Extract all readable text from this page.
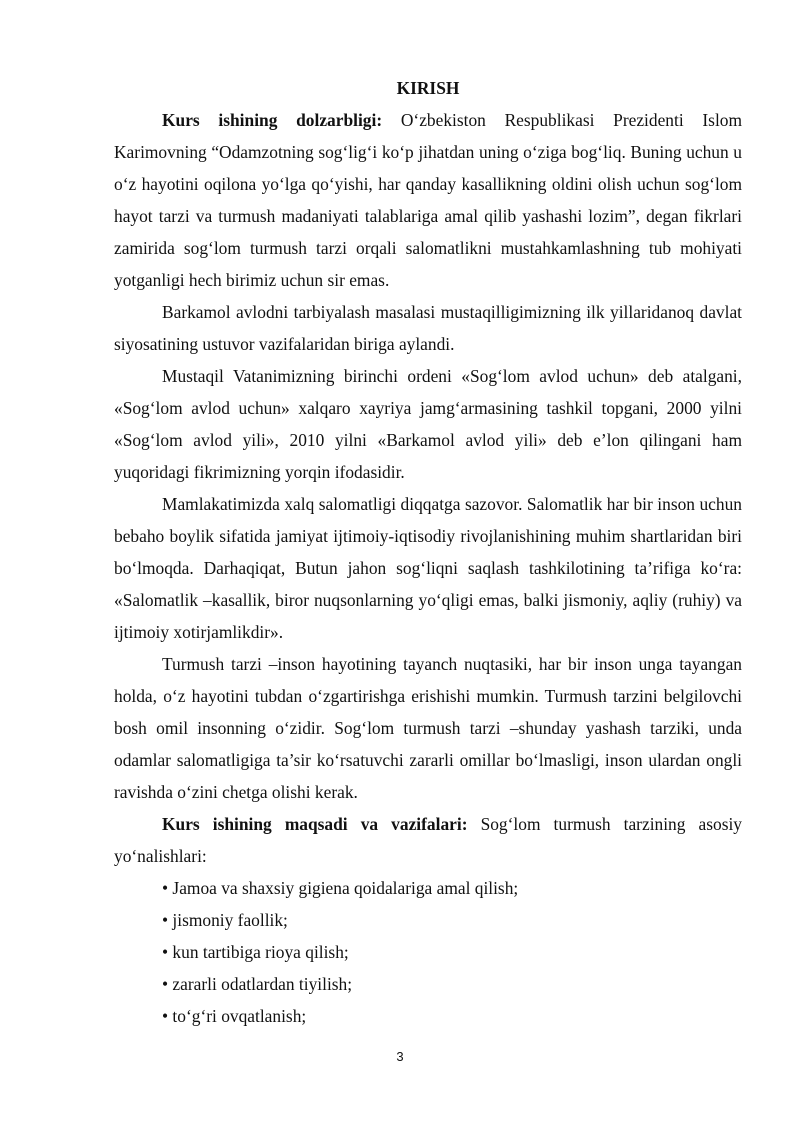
KIRISH

Kurs ishining dolzarbligi: O‘zbekiston Respublikasi Prezidenti Islom Karimovning “Odamzotning sog‘lig‘i ko‘p jihatdan uning o‘ziga bog‘liq. Buning uchun u o‘z hayotini oqilona yo‘lga qo‘yishi, har qanday kasallikning oldini olish uchun sog‘lom hayot tarzi va turmush madaniyati talablariga amal qilib yashashi lozim”, degan fikrlari zamirida sog‘lom turmush tarzi orqali salomatlikni mustahkamlashning tub mohiyati yotganligi hech birimiz uchun sir emas.

Barkamol avlodni tarbiyalash masalasi mustaqilligimizning ilk yillaridanoq davlat siyosatining ustuvor vazifalaridan biriga aylandi.

Mustaqil Vatanimizning birinchi ordeni «Sog‘lom avlod uchun» deb atalgani, «Sog‘lom avlod uchun» xalqaro xayriya jamg‘armasining tashkil topgani, 2000 yilni «Sog‘lom avlod yili», 2010 yilni «Barkamol avlod yili» deb e’lon qilingani ham yuqoridagi fikrimizning yorqin ifodasidir.

Mamlakatimizda xalq salomatligi diqqatga sazovor. Salomatlik har bir inson uchun bebaho boylik sifatida jamiyat ijtimoiy-iqtisodiy rivojlanishining muhim shartlaridan biri bo‘lmoqda. Darhaqiqat, Butun jahon sog‘liqni saqlash tashkilotining ta’rifiga ko‘ra: «Salomatlik –kasallik, biror nuqsonlarning yo‘qligi emas, balki jismoniy, aqliy (ruhiy) va ijtimoiy xotirjamlikdir».

Turmush tarzi –inson hayotining tayanch nuqtasiki, har bir inson unga tayangan holda, o‘z hayotini tubdan o‘zgartirishga erishishi mumkin. Turmush tarzini belgilovchi bosh omil insonning o‘zidir. Sog‘lom turmush tarzi –shunday yashash tarziki, unda odamlar salomatligiga ta’sir ko‘rsatuvchi zararli omillar bo‘lmasligi, inson ulardan ongli ravishda o‘zini chetga olishi kerak.

Kurs ishining maqsadi va vazifalari: Sog‘lom turmush tarzining asosiy yo‘nalishlari:

• Jamoa va shaxsiy gigiena qoidalariga amal qilish;
• jismoniy faollik;
• kun tartibiga rioya qilish;
• zararli odatlardan tiyilish;
• to‘g‘ri ovqatlanish;
3
